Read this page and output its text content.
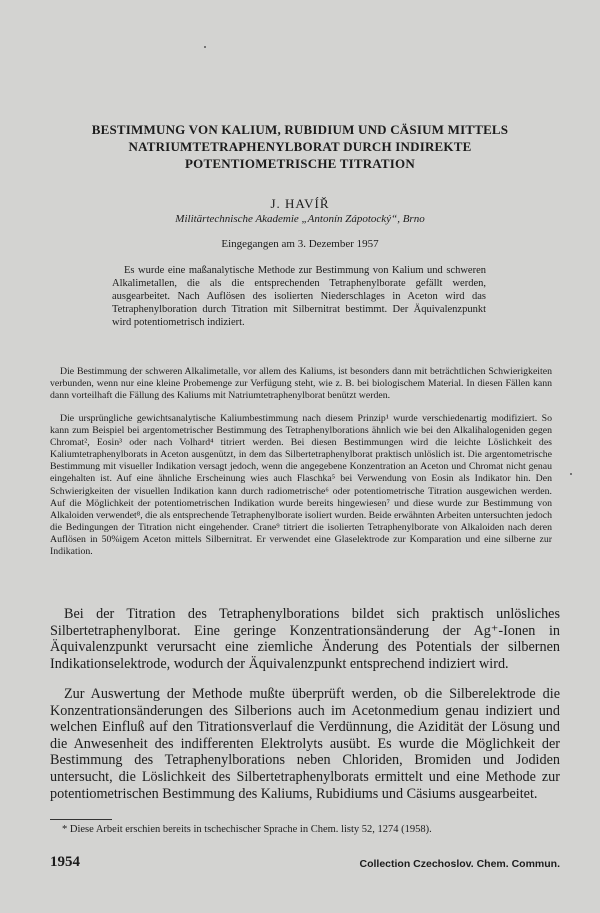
BESTIMMUNG VON KALIUM, RUBIDIUM UND CÄSIUM MITTELS NATRIUMTETRAPHENYLBORAT DURCH INDIREKTE POTENTIOMETRISCHE TITRATION
J. HAVÍŘ
Militärtechnische Akademie „Antonín Zápotocký“, Brno
Eingegangen am 3. Dezember 1957
Es wurde eine maßanalytische Methode zur Bestimmung von Kalium und schweren Alkalimetallen, die als die entsprechenden Tetraphenylborate gefällt werden, ausgearbeitet. Nach Auflösen des isolierten Niederschlages in Aceton wird das Tetraphenylboration durch Titration mit Silbernitrat bestimmt. Der Äquivalenzpunkt wird potentiometrisch indiziert.

Die Bestimmung der schweren Alkalimetalle, vor allem des Kaliums, ist besonders dann mit beträchtlichen Schwierigkeiten verbunden, wenn nur eine kleine Probemenge zur Verfügung steht, wie z. B. bei biologischem Material. In diesen Fällen kann dann vorteilhaft die Fällung des Kaliums mit Natriumtetraphenylborat benützt werden.

Die ursprüngliche gewichtsanalytische Kaliumbestimmung nach diesem Prinzip¹ wurde verschiedenartig modifiziert. So kann zum Beispiel bei argentometrischer Bestimmung des Tetraphenylborations ähnlich wie bei den Alkalihalogeniden gegen Chromat², Eosin³ oder nach Volhard⁴ titriert werden. Bei diesen Bestimmungen wird die leichte Löslichkeit des Kaliumtetraphenylborats in Aceton ausgenützt, in dem das Silbertetraphenylborat praktisch unlöslich ist. Die argentometrische Bestimmung mit visueller Indikation versagt jedoch, wenn die angegebene Konzentration an Aceton und Chromat nicht genau eingehalten ist. Auf eine ähnliche Erscheinung wies auch Flaschka⁵ bei Verwendung von Eosin als Indikator hin. Den Schwierigkeiten der visuellen Indikation kann durch radiometrische⁶ oder potentiometrische Titration ausgewichen werden. Auf die Möglichkeit der potentiometrischen Indikation wurde bereits hingewiesen⁷ und diese wurde zur Bestimmung von Alkaloiden verwendet⁸, die als entsprechende Tetraphenylborate isoliert wurden. Beide erwähnten Arbeiten untersuchten jedoch die Bedingungen der Titration nicht eingehender. Crane⁹ titriert die isolierten Tetraphenylborate von Alkaloiden nach deren Auflösen in 50%igem Aceton mittels Silbernitrat. Er verwendet eine Glaselektrode zur Komparation und eine silberne zur Indikation.

Bei der Titration des Tetraphenylborations bildet sich praktisch unlösliches Silbertetraphenylborat. Eine geringe Konzentrationsänderung der Ag⁺-Ionen in Äquivalenzpunkt verursacht eine ziemliche Änderung des Potentials der silbernen Indikationselektrode, wodurch der Äquivalenzpunkt entsprechend indiziert wird.

Zur Auswertung der Methode mußte überprüft werden, ob die Silberelektrode die Konzentrationsänderungen des Silberions auch im Acetonmedium genau indiziert und welchen Einfluß auf den Titrationsverlauf die Verdünnung, die Azidität der Lösung und die Anwesenheit des indifferenten Elektrolyts ausübt. Es wurde die Möglichkeit der Bestimmung des Tetraphenylborations neben Chloriden, Bromiden und Jodiden untersucht, die Löslichkeit des Silbertetraphenylborats ermittelt und eine Methode zur potentiometrischen Bestimmung des Kaliums, Rubidiums und Cäsiums ausgearbeitet.

* Diese Arbeit erschien bereits in tschechischer Sprache in Chem. listy 52, 1274 (1958).
1954	Collection Czechoslov. Chem. Commun.
